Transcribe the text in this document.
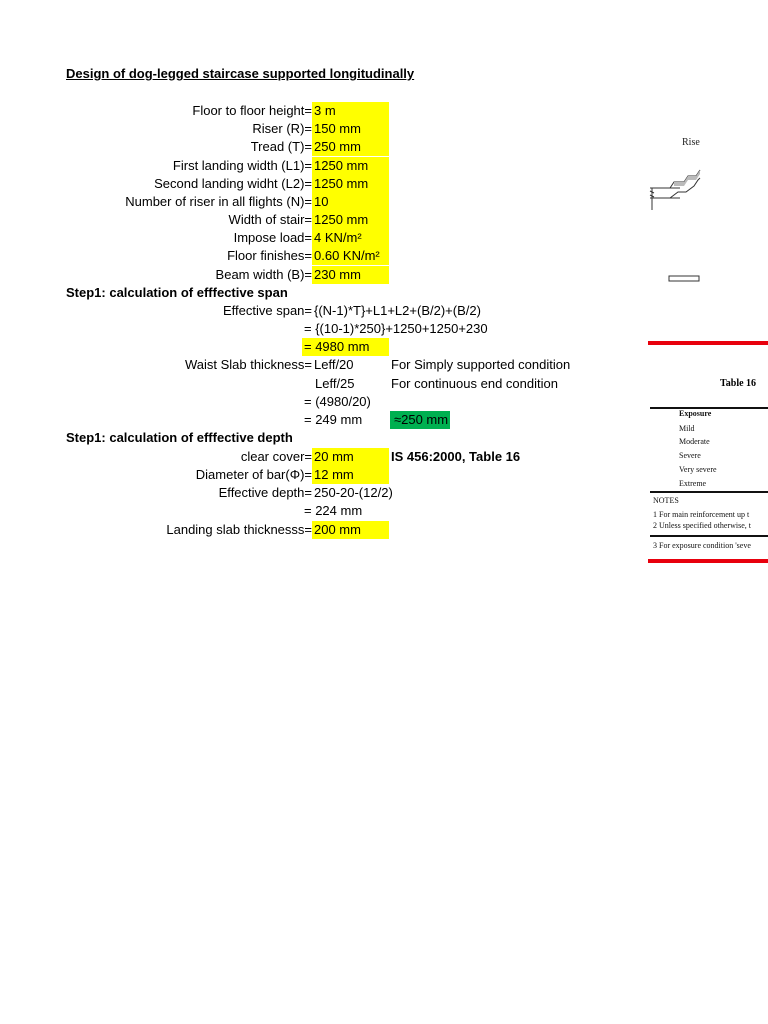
Design of dog-legged staircase supported longitudinally
Floor to floor height= 3 m
Riser (R)= 150 mm
Tread (T)= 250 mm
First landing width (L1)= 1250 mm
Second landing widht (L2)= 1250 mm
Number of riser in all flights (N)= 10
Width of stair= 1250 mm
Impose load= 4 KN/m²
Floor finishes= 0.60 KN/m²
Beam width (B)= 230 mm
Step1: calculation of efffective span
Effective span= {(N-1)*T}+L1+L2+(B/2)+(B/2)
= {(10-1)*250}+1250+1250+230
= 4980 mm
Waist Slab thickness= Leff/20	For Simply supported condition
Leff/25	For continuous end condition
= (4980/20)
= 249 mm	≈250 mm
Step1: calculation of efffective depth
clear cover= 20 mm	IS 456:2000, Table 16
Diameter of bar(Φ)= 12 mm
Effective depth= 250-20-(12/2)
= 224 mm
Landing slab thicknesss= 200 mm
Rise
Table 16
Exposure
Mild
Moderate
Severe
Very severe
Extreme
NOTES
1 For main reinforcement up t
2 Unless specified otherwise, t
3 For exposure condition 'seve
